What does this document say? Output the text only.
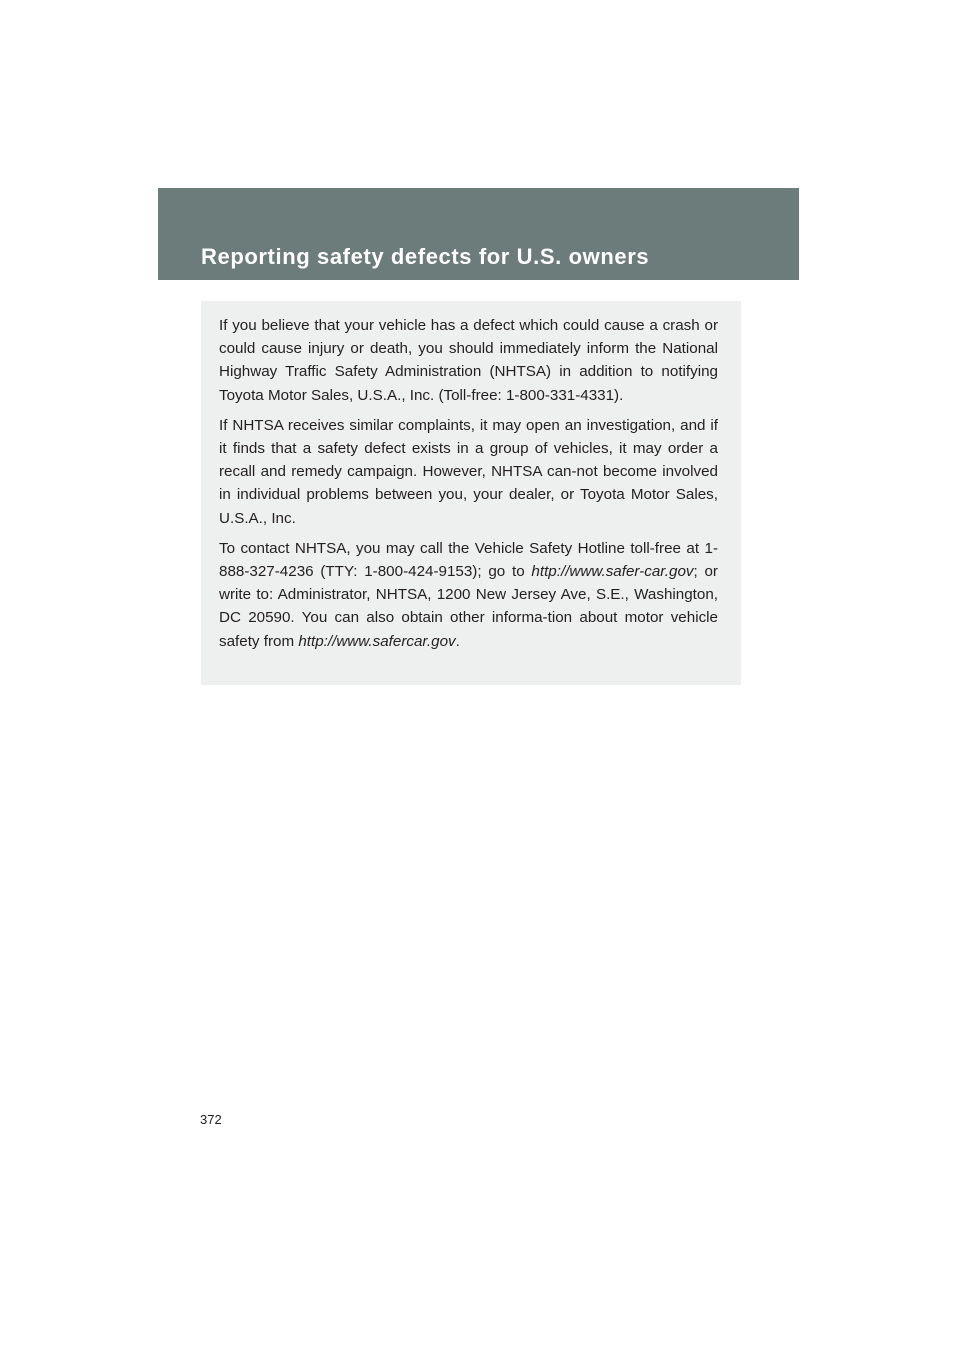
Reporting safety defects for U.S. owners

If you believe that your vehicle has a defect which could cause a crash or could cause injury or death, you should immediately inform the National Highway Traffic Safety Administration (NHTSA) in addition to notifying Toyota Motor Sales, U.S.A., Inc. (Toll-free: 1-800-331-4331).

If NHTSA receives similar complaints, it may open an investigation, and if it finds that a safety defect exists in a group of vehicles, it may order a recall and remedy campaign. However, NHTSA can-not become involved in individual problems between you, your dealer, or Toyota Motor Sales, U.S.A., Inc.

To contact NHTSA, you may call the Vehicle Safety Hotline toll-free at 1-888-327-4236 (TTY: 1-800-424-9153); go to http://www.safer-car.gov; or write to: Administrator, NHTSA, 1200 New Jersey Ave, S.E., Washington, DC 20590. You can also obtain other informa-tion about motor vehicle safety from http://www.safercar.gov.

372
